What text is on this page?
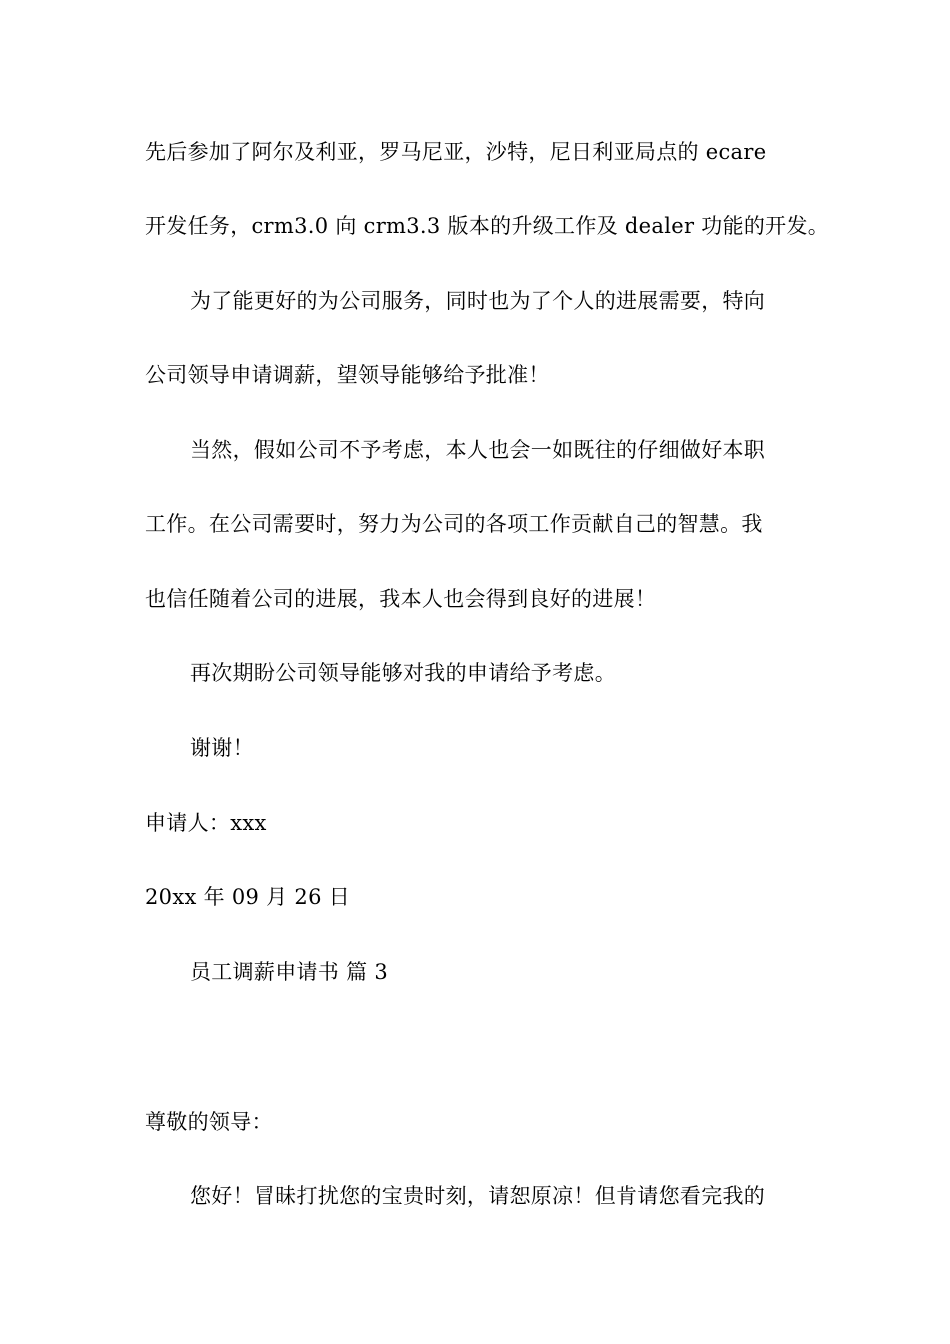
先后参加了阿尔及利亚，罗马尼亚，沙特，尼日利亚局点的 ecare
开发任务，crm3.0 向 crm3.3 版本的升级工作及 dealer 功能的开发。
为了能更好的为公司服务，同时也为了个人的进展需要，特向
公司领导申请调薪，望领导能够给予批准！
当然，假如公司不予考虑，本人也会一如既往的仔细做好本职
工作。在公司需要时，努力为公司的各项工作贡献自己的智慧。我
也信任随着公司的进展，我本人也会得到良好的进展！
再次期盼公司领导能够对我的申请给予考虑。
谢谢！
申请人：xxx
20xx 年 09 月 26 日
员工调薪申请书 篇 3
尊敬的领导：
您好！冒昧打扰您的宝贵时刻，请恕原凉！但肯请您看完我的
